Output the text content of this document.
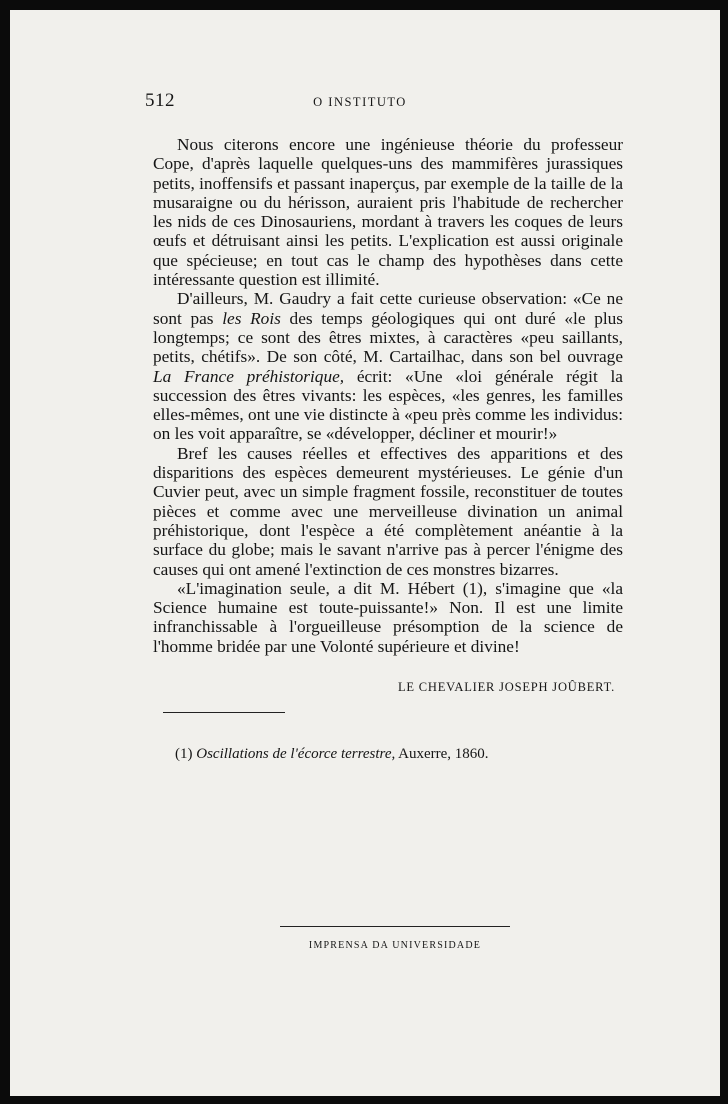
512	O INSTITUTO

Nous citerons encore une ingénieuse théorie du professeur Cope, d'après laquelle quelques-uns des mammifères jurassiques petits, inoffensifs et passant inaperçus, par exemple de la taille de la musaraigne ou du hérisson, auraient pris l'habitude de rechercher les nids de ces Dinosauriens, mordant à travers les coques de leurs œufs et détruisant ainsi les petits. L'explication est aussi originale que spécieuse; en tout cas le champ des hypothèses dans cette intéressante question est illimité.

D'ailleurs, M. Gaudry a fait cette curieuse observation: «Ce ne sont pas les Rois des temps géologiques qui ont duré «le plus longtemps; ce sont des êtres mixtes, à caractères «peu saillants, petits, chétifs». De son côté, M. Cartailhac, dans son bel ouvrage La France préhistorique, écrit: «Une «loi générale régit la succession des êtres vivants: les espèces, «les genres, les familles elles-mêmes, ont une vie distincte à «peu près comme les individus: on les voit apparaître, se «développer, décliner et mourir!»

Bref les causes réelles et effectives des apparitions et des disparitions des espèces demeurent mystérieuses. Le génie d'un Cuvier peut, avec un simple fragment fossile, reconstituer de toutes pièces et comme avec une merveilleuse divination un animal préhistorique, dont l'espèce a été complètement anéantie à la surface du globe; mais le savant n'arrive pas à percer l'énigme des causes qui ont amené l'extinction de ces monstres bizarres.

«L'imagination seule, a dit M. Hébert (1), s'imagine que «la Science humaine est toute-puissante!» Non. Il est une limite infranchissable à l'orgueilleuse présomption de la science de l'homme bridée par une Volonté supérieure et divine!

LE CHEVALIER JOSEPH JOÛBERT.
(1) Oscillations de l'écorce terrestre, Auxerre, 1860.
IMPRENSA DA UNIVERSIDADE
